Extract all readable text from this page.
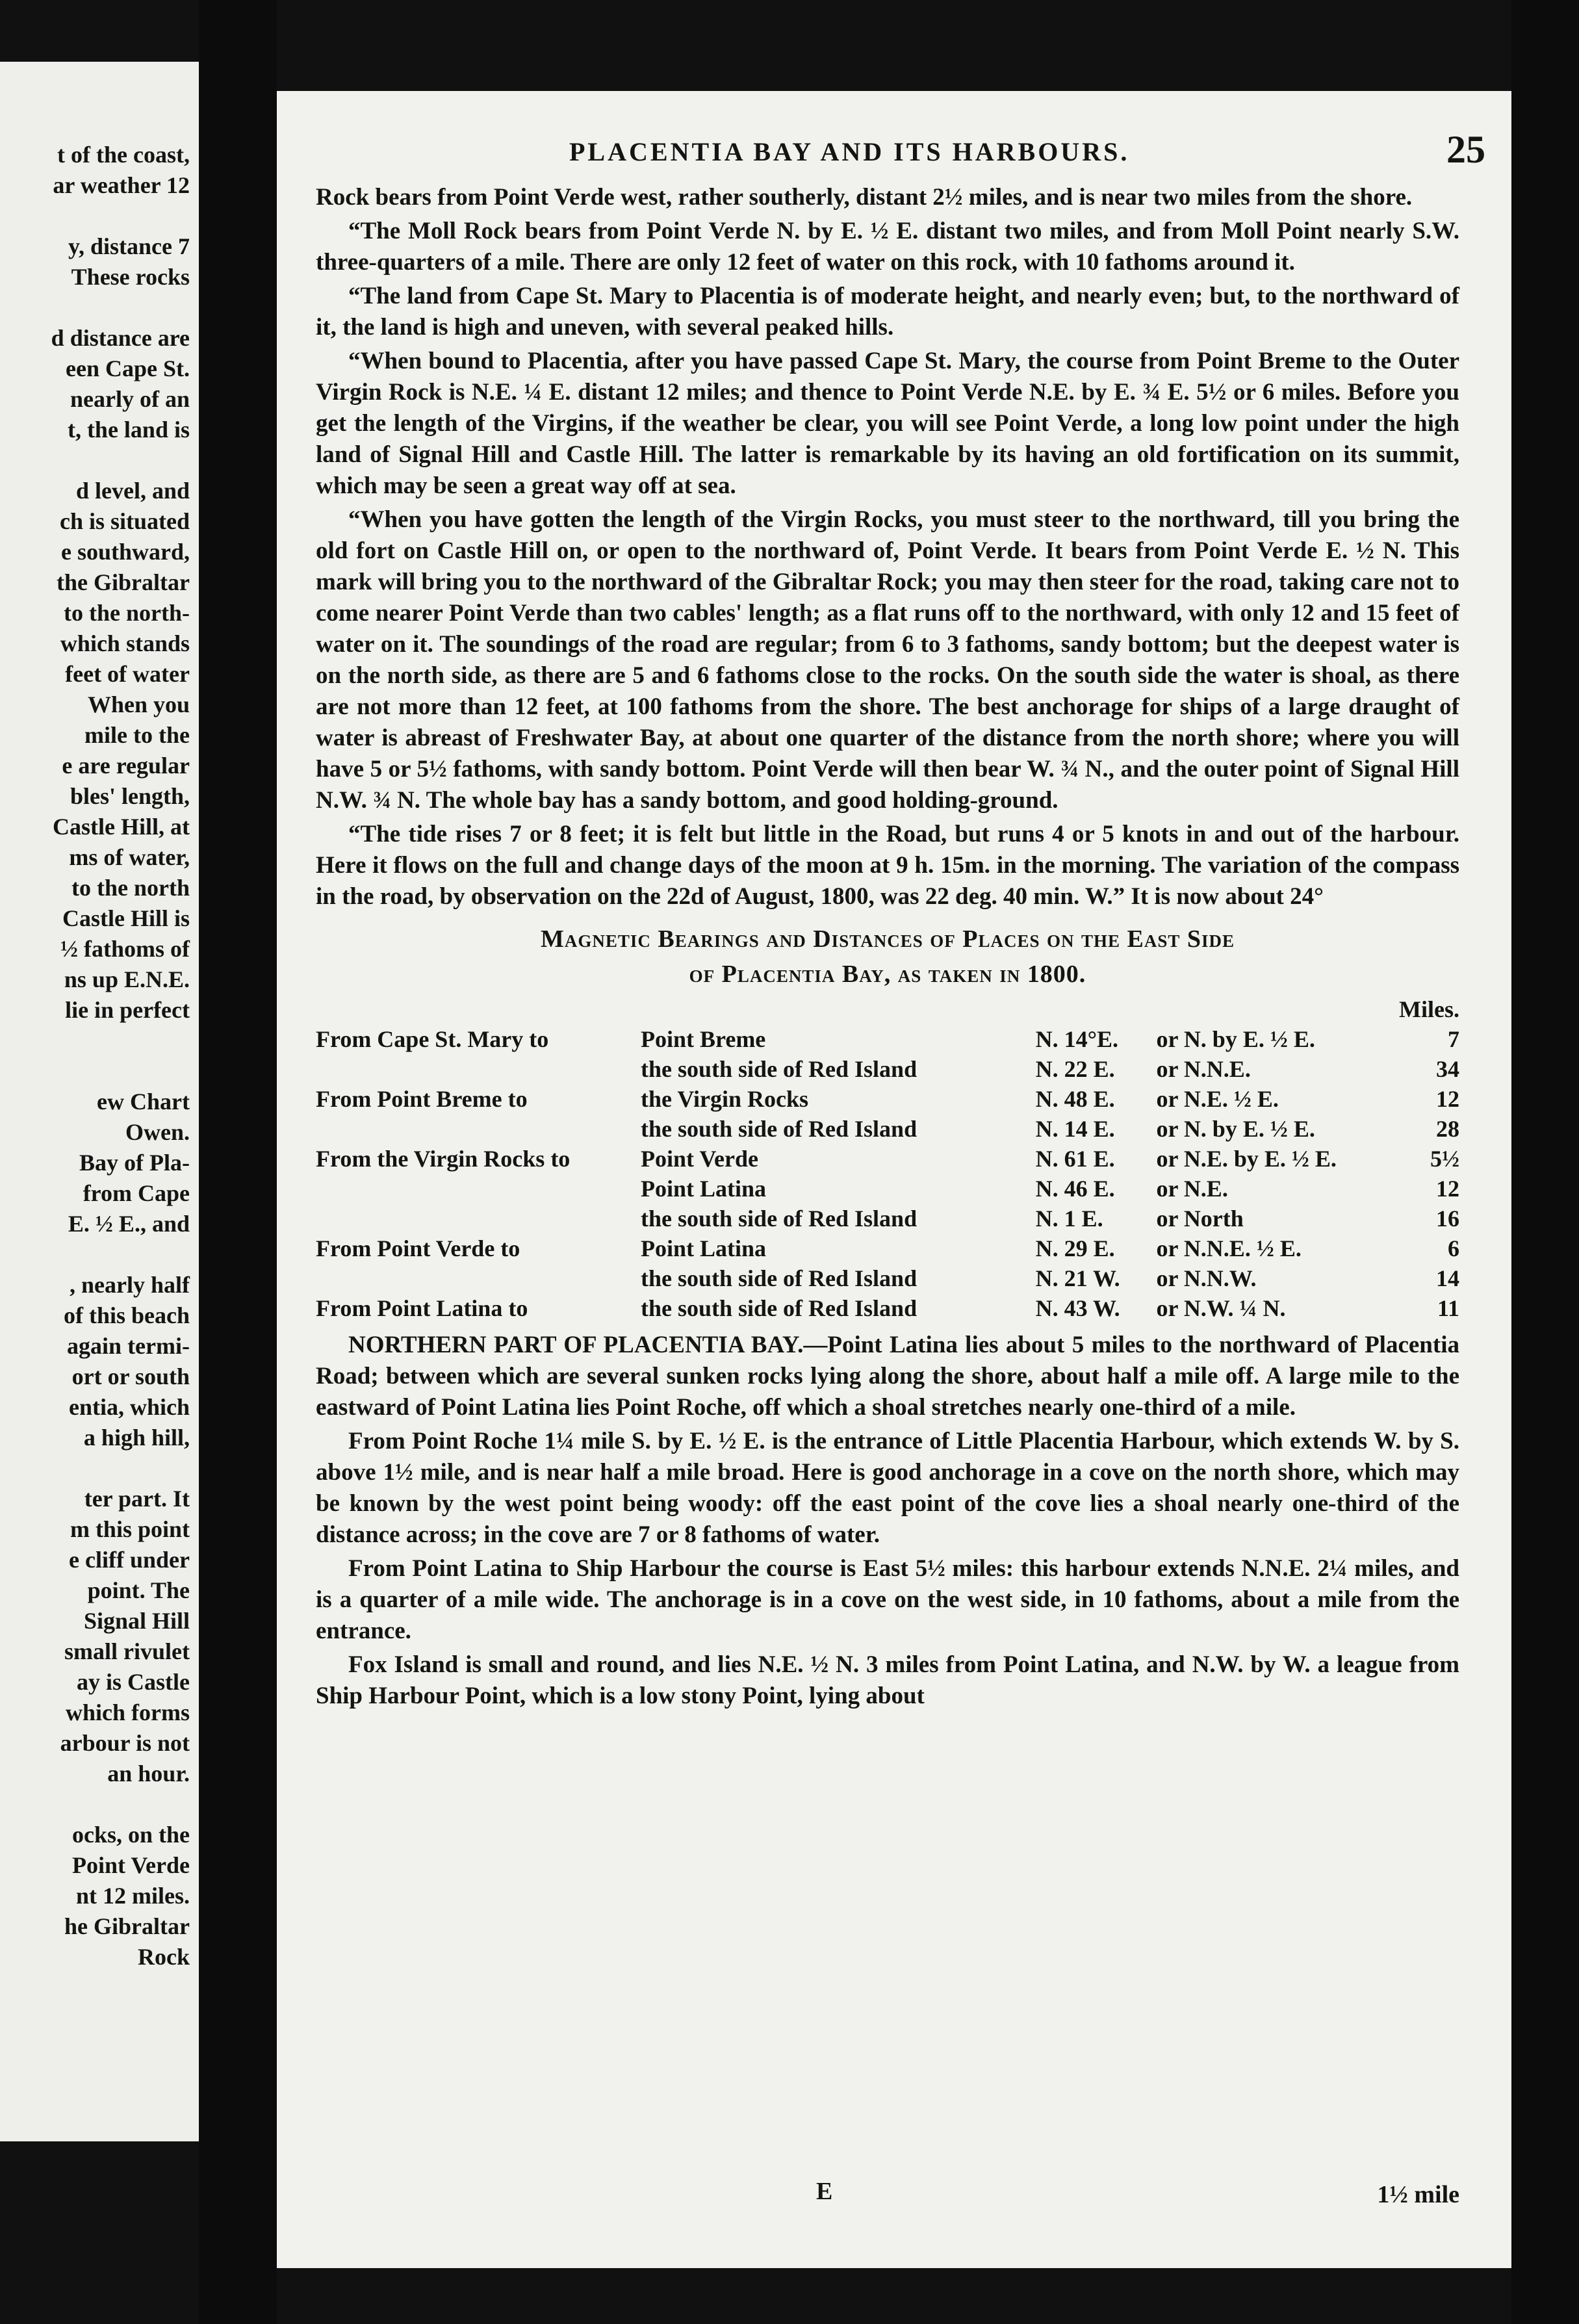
t of the coast,
ar weather 12
y, distance 7
These rocks
d distance are
een Cape St.
nearly of an
t, the land is
d level, and
ch is situated
e southward,
the Gibraltar
to the north-
which stands
feet of water
When you
mile to the
e are regular
bles' length,
Castle Hill, at
ms of water,
to the north
Castle Hill is
½ fathoms of
ns up E.N.E.
lie in perfect
ew Chart
Owen.
Bay of Pla-
from Cape
E. ½ E., and
, nearly half
of this beach
again termi-
ort or south
entia, which
a high hill,
ter part. It
m this point
e cliff under
point. The
Signal Hill
small rivulet
ay is Castle
which forms
arbour is not
an hour.
ocks, on the
Point Verde
nt 12 miles.
he Gibraltar
Rock
PLACENTIA BAY AND ITS HARBOURS.	25

Rock bears from Point Verde west, rather southerly, distant 2½ miles, and is near two miles from the shore.

“The Moll Rock bears from Point Verde N. by E. ½ E. distant two miles, and from Moll Point nearly S.W. three-quarters of a mile. There are only 12 feet of water on this rock, with 10 fathoms around it.

“The land from Cape St. Mary to Placentia is of moderate height, and nearly even; but, to the northward of it, the land is high and uneven, with several peaked hills.

“When bound to Placentia, after you have passed Cape St. Mary, the course from Point Breme to the Outer Virgin Rock is N.E. ¼ E. distant 12 miles; and thence to Point Verde N.E. by E. ¾ E. 5½ or 6 miles. Before you get the length of the Virgins, if the weather be clear, you will see Point Verde, a long low point under the high land of Signal Hill and Castle Hill. The latter is remarkable by its having an old fortification on its summit, which may be seen a great way off at sea.

“When you have gotten the length of the Virgin Rocks, you must steer to the northward, till you bring the old fort on Castle Hill on, or open to the northward of, Point Verde. It bears from Point Verde E. ½ N. This mark will bring you to the northward of the Gibraltar Rock; you may then steer for the road, taking care not to come nearer Point Verde than two cables' length; as a flat runs off to the northward, with only 12 and 15 feet of water on it. The soundings of the road are regular; from 6 to 3 fathoms, sandy bottom; but the deepest water is on the north side, as there are 5 and 6 fathoms close to the rocks. On the south side the water is shoal, as there are not more than 12 feet, at 100 fathoms from the shore. The best anchorage for ships of a large draught of water is abreast of Freshwater Bay, at about one quarter of the distance from the north shore; where you will have 5 or 5½ fathoms, with sandy bottom. Point Verde will then bear W. ¾ N., and the outer point of Signal Hill N.W. ¾ N. The whole bay has a sandy bottom, and good holding-ground.

“The tide rises 7 or 8 feet; it is felt but little in the Road, but runs 4 or 5 knots in and out of the harbour. Here it flows on the full and change days of the moon at 9 h. 15m. in the morning. The variation of the compass in the road, by observation on the 22d of August, 1800, was 22 deg. 40 min. W.” It is now about 24°

Magnetic Bearings and Distances of Places on the East Side
of Placentia Bay, as taken in 1800.
Miles.				
From Cape St. Mary to	Point Breme	N. 14°E.	or N. by E. ½ E.	7
	the south side of Red Island	N. 22 E.	or N.N.E.	34
From Point Breme to	the Virgin Rocks	N. 48 E.	or N.E. ½ E.	12
	the south side of Red Island	N. 14 E.	or N. by E. ½ E.	28
From the Virgin Rocks to	Point Verde	N. 61 E.	or N.E. by E. ½ E.	5½
	Point Latina	N. 46 E.	or N.E.	12
	the south side of Red Island	N. 1 E.	or North	16
From Point Verde to	Point Latina	N. 29 E.	or N.N.E. ½ E.	6
	the south side of Red Island	N. 21 W.	or N.N.W.	14
From Point Latina to	the south side of Red Island	N. 43 W.	or N.W. ¼ N.	11

NORTHERN PART OF PLACENTIA BAY.—Point Latina lies about 5 miles to the northward of Placentia Road; between which are several sunken rocks lying along the shore, about half a mile off. A large mile to the eastward of Point Latina lies Point Roche, off which a shoal stretches nearly one-third of a mile.

From Point Roche 1¼ mile S. by E. ½ E. is the entrance of Little Placentia Harbour, which extends W. by S. above 1½ mile, and is near half a mile broad. Here is good anchorage in a cove on the north shore, which may be known by the west point being woody: off the east point of the cove lies a shoal nearly one-third of the distance across; in the cove are 7 or 8 fathoms of water.

From Point Latina to Ship Harbour the course is East 5½ miles: this harbour extends N.N.E. 2¼ miles, and is a quarter of a mile wide. The anchorage is in a cove on the west side, in 10 fathoms, about a mile from the entrance.

Fox Island is small and round, and lies N.E. ½ N. 3 miles from Point Latina, and N.W. by W. a league from Ship Harbour Point, which is a low stony Point, lying about

E	1½ mile
